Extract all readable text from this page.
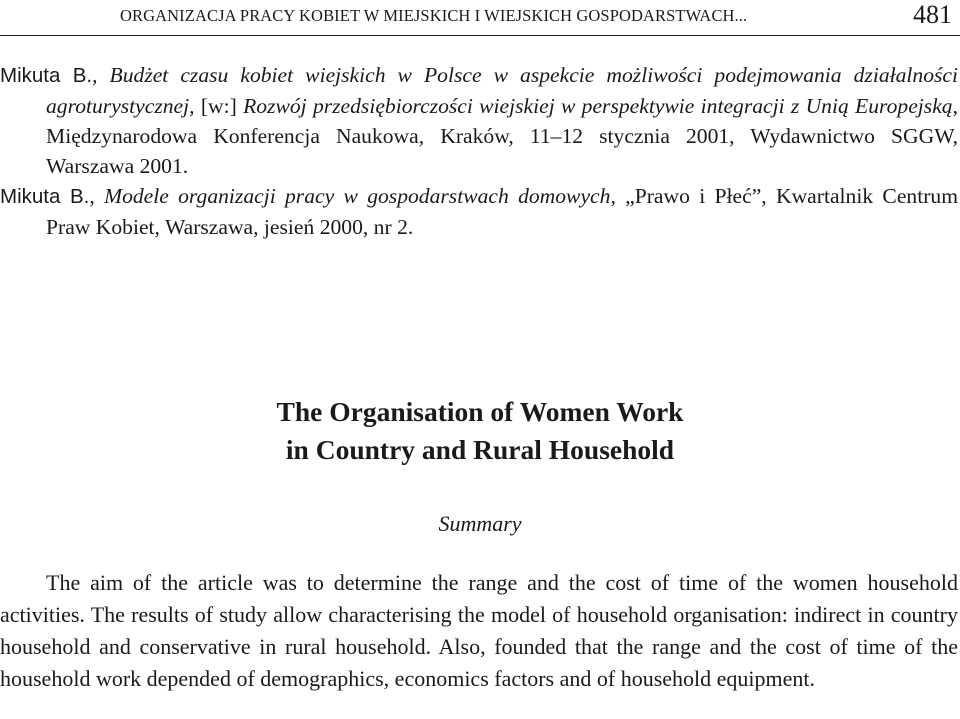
ORGANIZACJA PRACY KOBIET W MIEJSKICH I WIEJSKICH GOSPODARSTWACH...	481

Mikuta B., Budżet czasu kobiet wiejskich w Polsce w aspekcie możliwości podejmowania działalności agroturystycznej, [w:] Rozwój przedsiębiorczości wiejskiej w perspektywie integracji z Unią Europejską, Międzynarodowa Konferencja Naukowa, Kraków, 11–12 stycznia 2001, Wydawnictwo SGGW, Warszawa 2001.

Mikuta B., Modele organizacji pracy w gospodarstwach domowych, „Prawo i Płeć”, Kwartalnik Centrum Praw Kobiet, Warszawa, jesień 2000, nr 2.

The Organisation of Women Work
in Country and Rural Household
Summary
The aim of the article was to determine the range and the cost of time of the women household activities. The results of study allow characterising the model of household organisation: indirect in country household and conservative in rural household. Also, founded that the range and the cost of time of the household work depended of demographics, economics factors and of household equipment.
